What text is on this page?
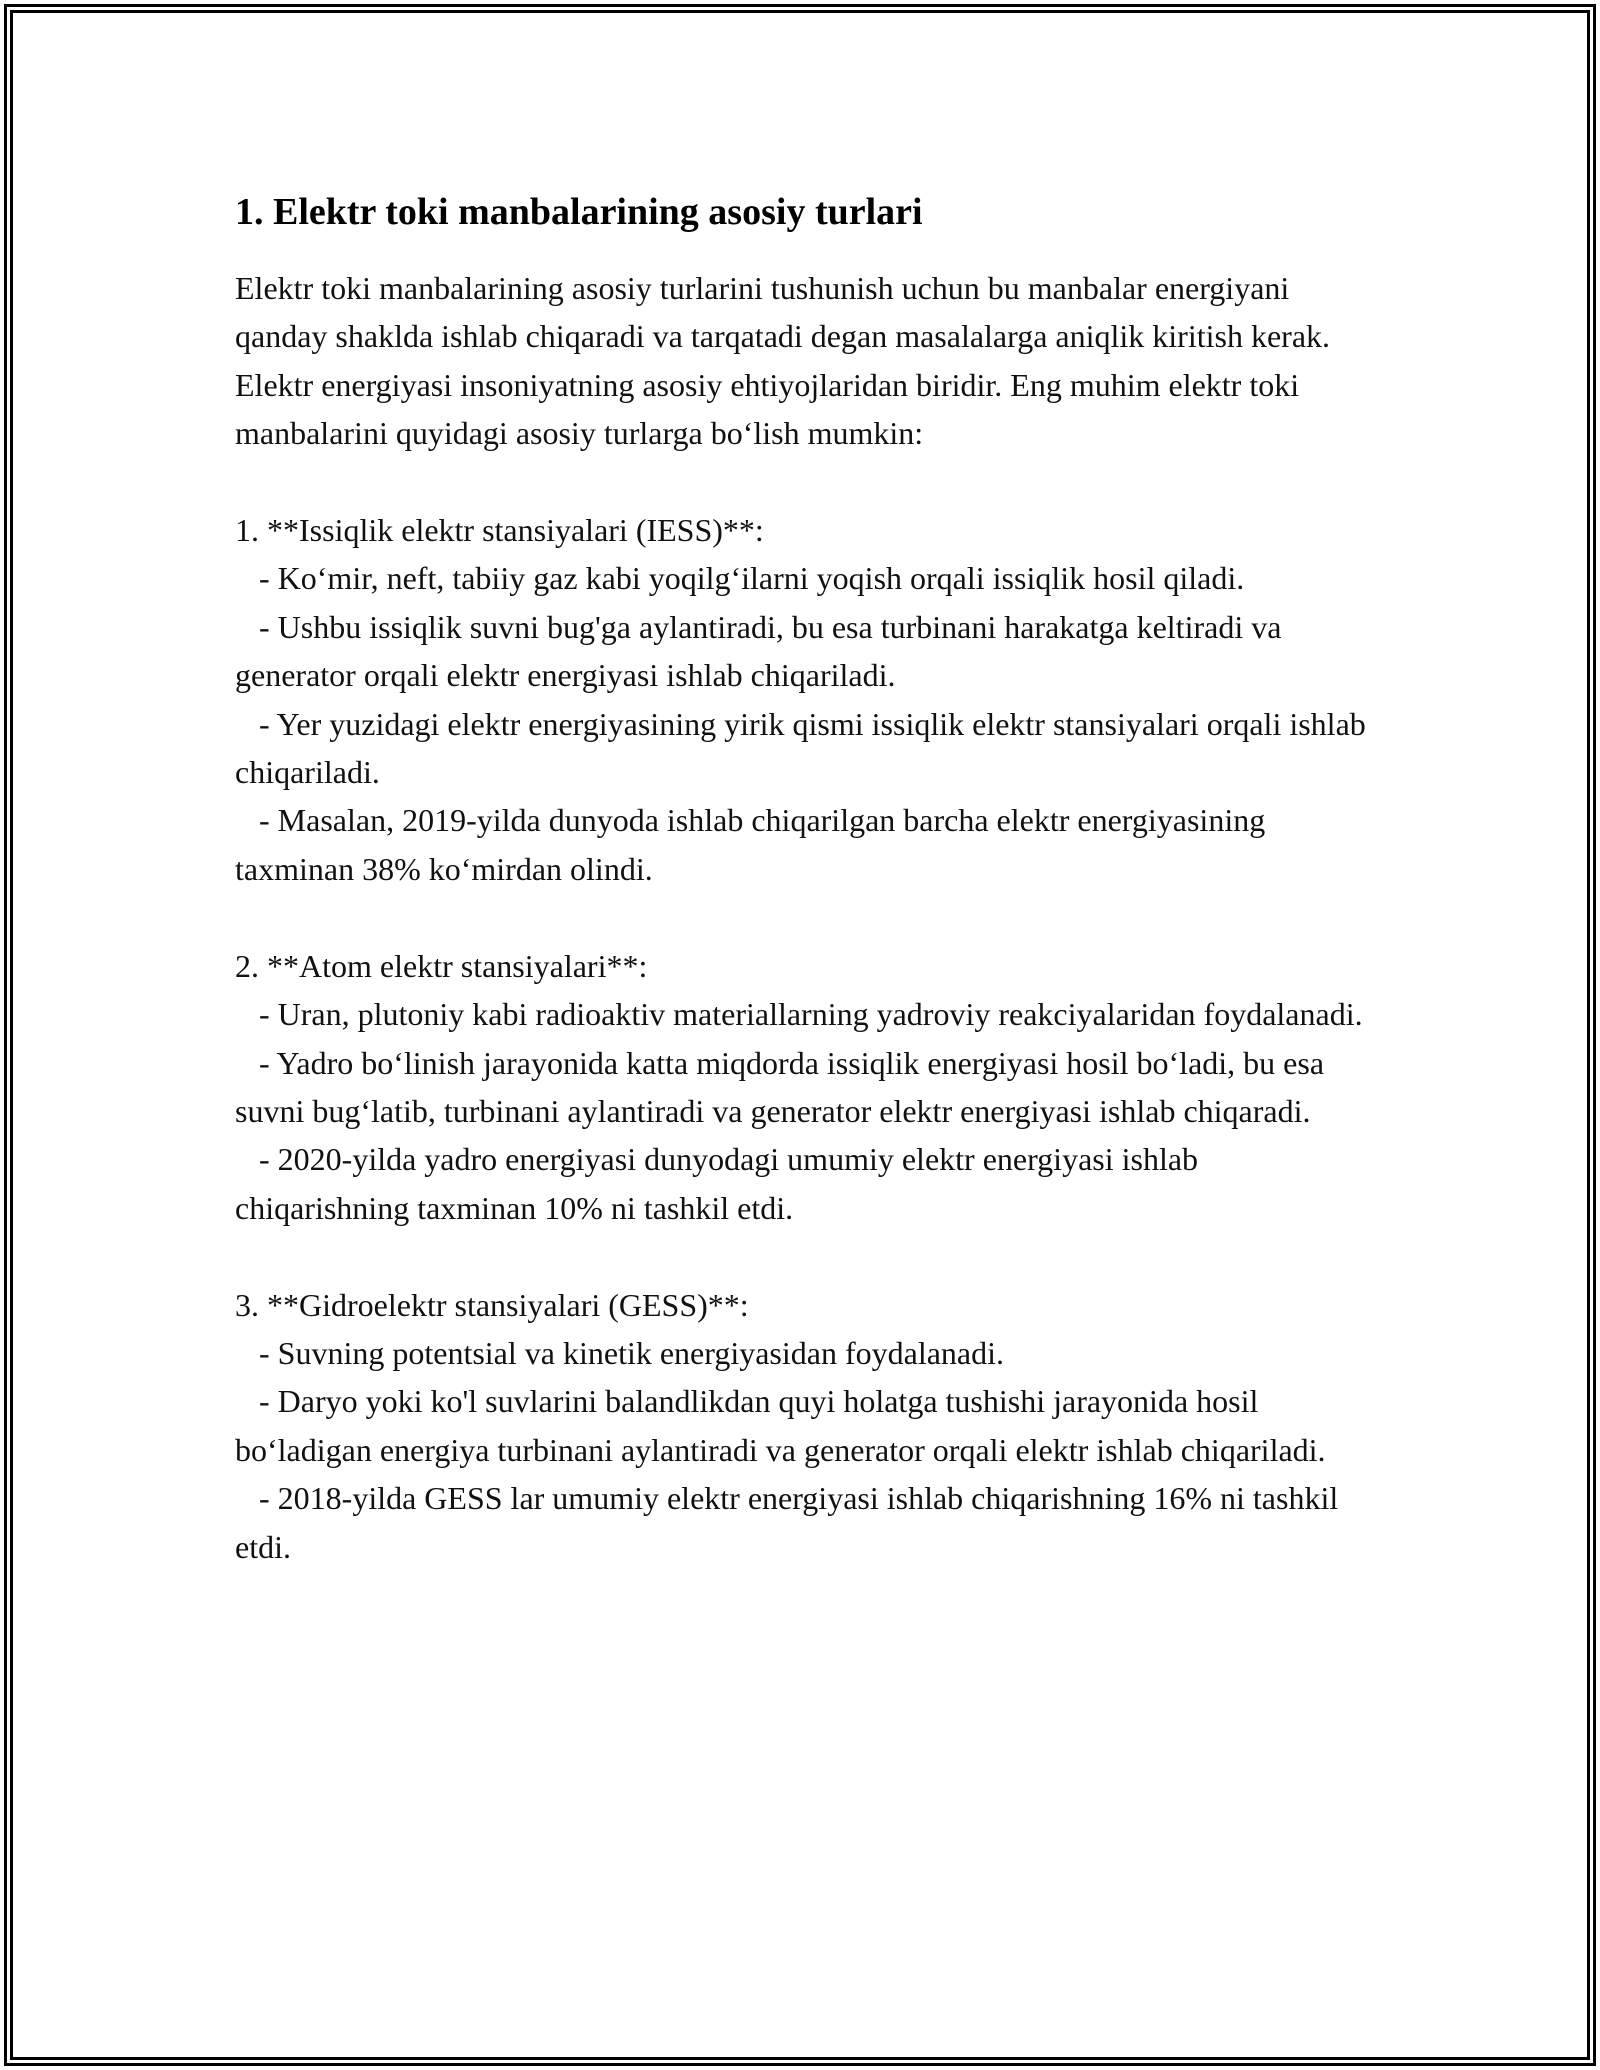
1. Elektr toki manbalarining asosiy turlari
Elektr toki manbalarining asosiy turlarini tushunish uchun bu manbalar energiyani qanday shaklda ishlab chiqaradi va tarqatadi degan masalalarga aniqlik kiritish kerak. Elektr energiyasi insoniyatning asosiy ehtiyojlaridan biridir. Eng muhim elektr toki manbalarini quyidagi asosiy turlarga bo‘lish mumkin:

1. **Issiqlik elektr stansiyalari (IESS)**:
- Ko‘mir, neft, tabiiy gaz kabi yoqilg‘ilarni yoqish orqali issiqlik hosil qiladi.
- Ushbu issiqlik suvni bug'ga aylantiradi, bu esa turbinani harakatga keltiradi va generator orqali elektr energiyasi ishlab chiqariladi.
- Yer yuzidagi elektr energiyasining yirik qismi issiqlik elektr stansiyalari orqali ishlab chiqariladi.
- Masalan, 2019-yilda dunyoda ishlab chiqarilgan barcha elektr energiyasining taxminan 38% ko‘mirdan olindi.

2. **Atom elektr stansiyalari**:
- Uran, plutoniy kabi radioaktiv materiallarning yadroviy reakciyalaridan foydalanadi.
- Yadro bo‘linish jarayonida katta miqdorda issiqlik energiyasi hosil bo‘ladi, bu esa suvni bug‘latib, turbinani aylantiradi va generator elektr energiyasi ishlab chiqaradi.
- 2020-yilda yadro energiyasi dunyodagi umumiy elektr energiyasi ishlab chiqarishning taxminan 10% ni tashkil etdi.

3. **Gidroelektr stansiyalari (GESS)**:
- Suvning potentsial va kinetik energiyasidan foydalanadi.
- Daryo yoki ko'l suvlarini balandlikdan quyi holatga tushishi jarayonida hosil bo‘ladigan energiya turbinani aylantiradi va generator orqali elektr ishlab chiqariladi.
- 2018-yilda GESS lar umumiy elektr energiyasi ishlab chiqarishning 16% ni tashkil etdi.
